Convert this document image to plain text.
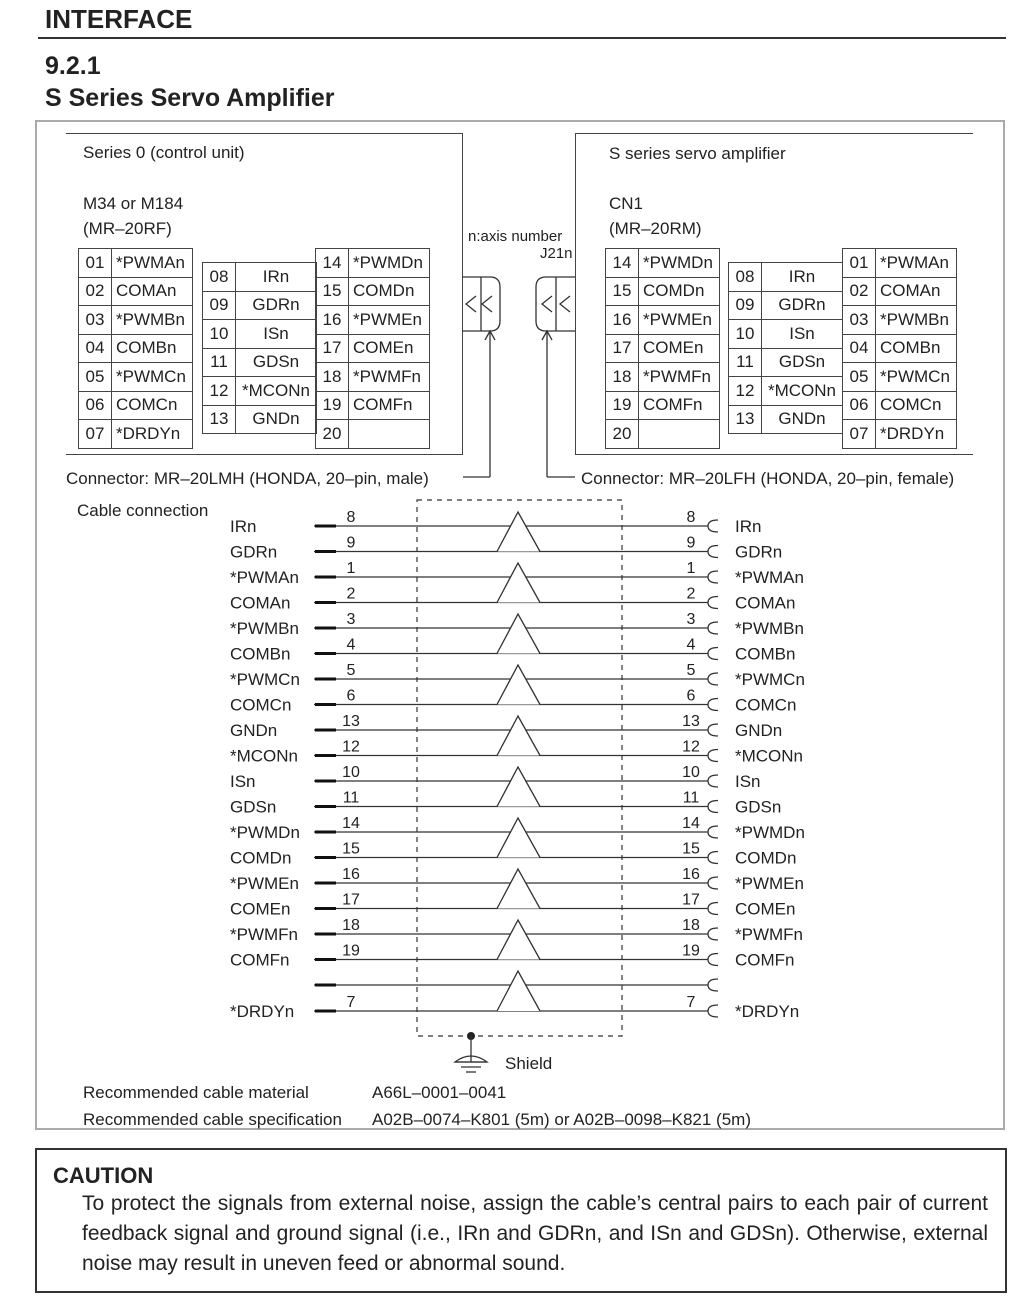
INTERFACE
9.2.1
S Series Servo Amplifier
Series 0 (control unit)
M34 or M184
(MR–20RF)
01	*PWMAn
02	COMAn
03	*PWMBn
04	COMBn
05	*PWMCn
06	COMCn
07	*DRDYn
08	IRn
09	GDRn
10	ISn
11	GDSn
12	*MCONn
13	GNDn
14	*PWMDn
15	COMDn
16	*PWMEn
17	COMEn
18	*PWMFn
19	COMFn
20	
S series servo amplifier
CN1
(MR–20RM)
14	*PWMDn
15	COMDn
16	*PWMEn
17	COMEn
18	*PWMFn
19	COMFn
20	
08	IRn
09	GDRn
10	ISn
11	GDSn
12	*MCONn
13	GNDn
01	*PWMAn
02	COMAn
03	*PWMBn
04	COMBn
05	*PWMCn
06	COMCn
07	*DRDYn
n:axis number
J21n
Connector: MR–20LMH (HONDA, 20–pin, male)	Connector: MR–20LFH (HONDA, 20–pin, female)
Cable connection
IRn	IRn
8	8
GDRn	GDRn
9	9
*PWMAn	*PWMAn
1	1
COMAn	COMAn
2	2
*PWMBn	*PWMBn
3	3
COMBn	COMBn
4	4
*PWMCn	*PWMCn
5	5
COMCn	COMCn
6	6
GNDn	GNDn
13	13
*MCONn	*MCONn
12	12
ISn	ISn
10	10
GDSn	GDSn
11	11
*PWMDn	*PWMDn
14	14
COMDn	COMDn
15	15
*PWMEn	*PWMEn
16	16
COMEn	COMEn
17	17
*PWMFn	*PWMFn
18	18
COMFn	COMFn
19	19
*DRDYn	*DRDYn
7	7
Shield
Recommended cable material	A66L–0001–0041
Recommended cable specification A02B–0074–K801 (5m) or A02B–0098–K821 (5m)
CAUTION
To protect the signals from external noise, assign the cable’s central pairs to each pair of current feedback signal and ground signal (i.e., IRn and GDRn, and ISn and GDSn). Otherwise, external noise may result in uneven feed or abnormal sound.
